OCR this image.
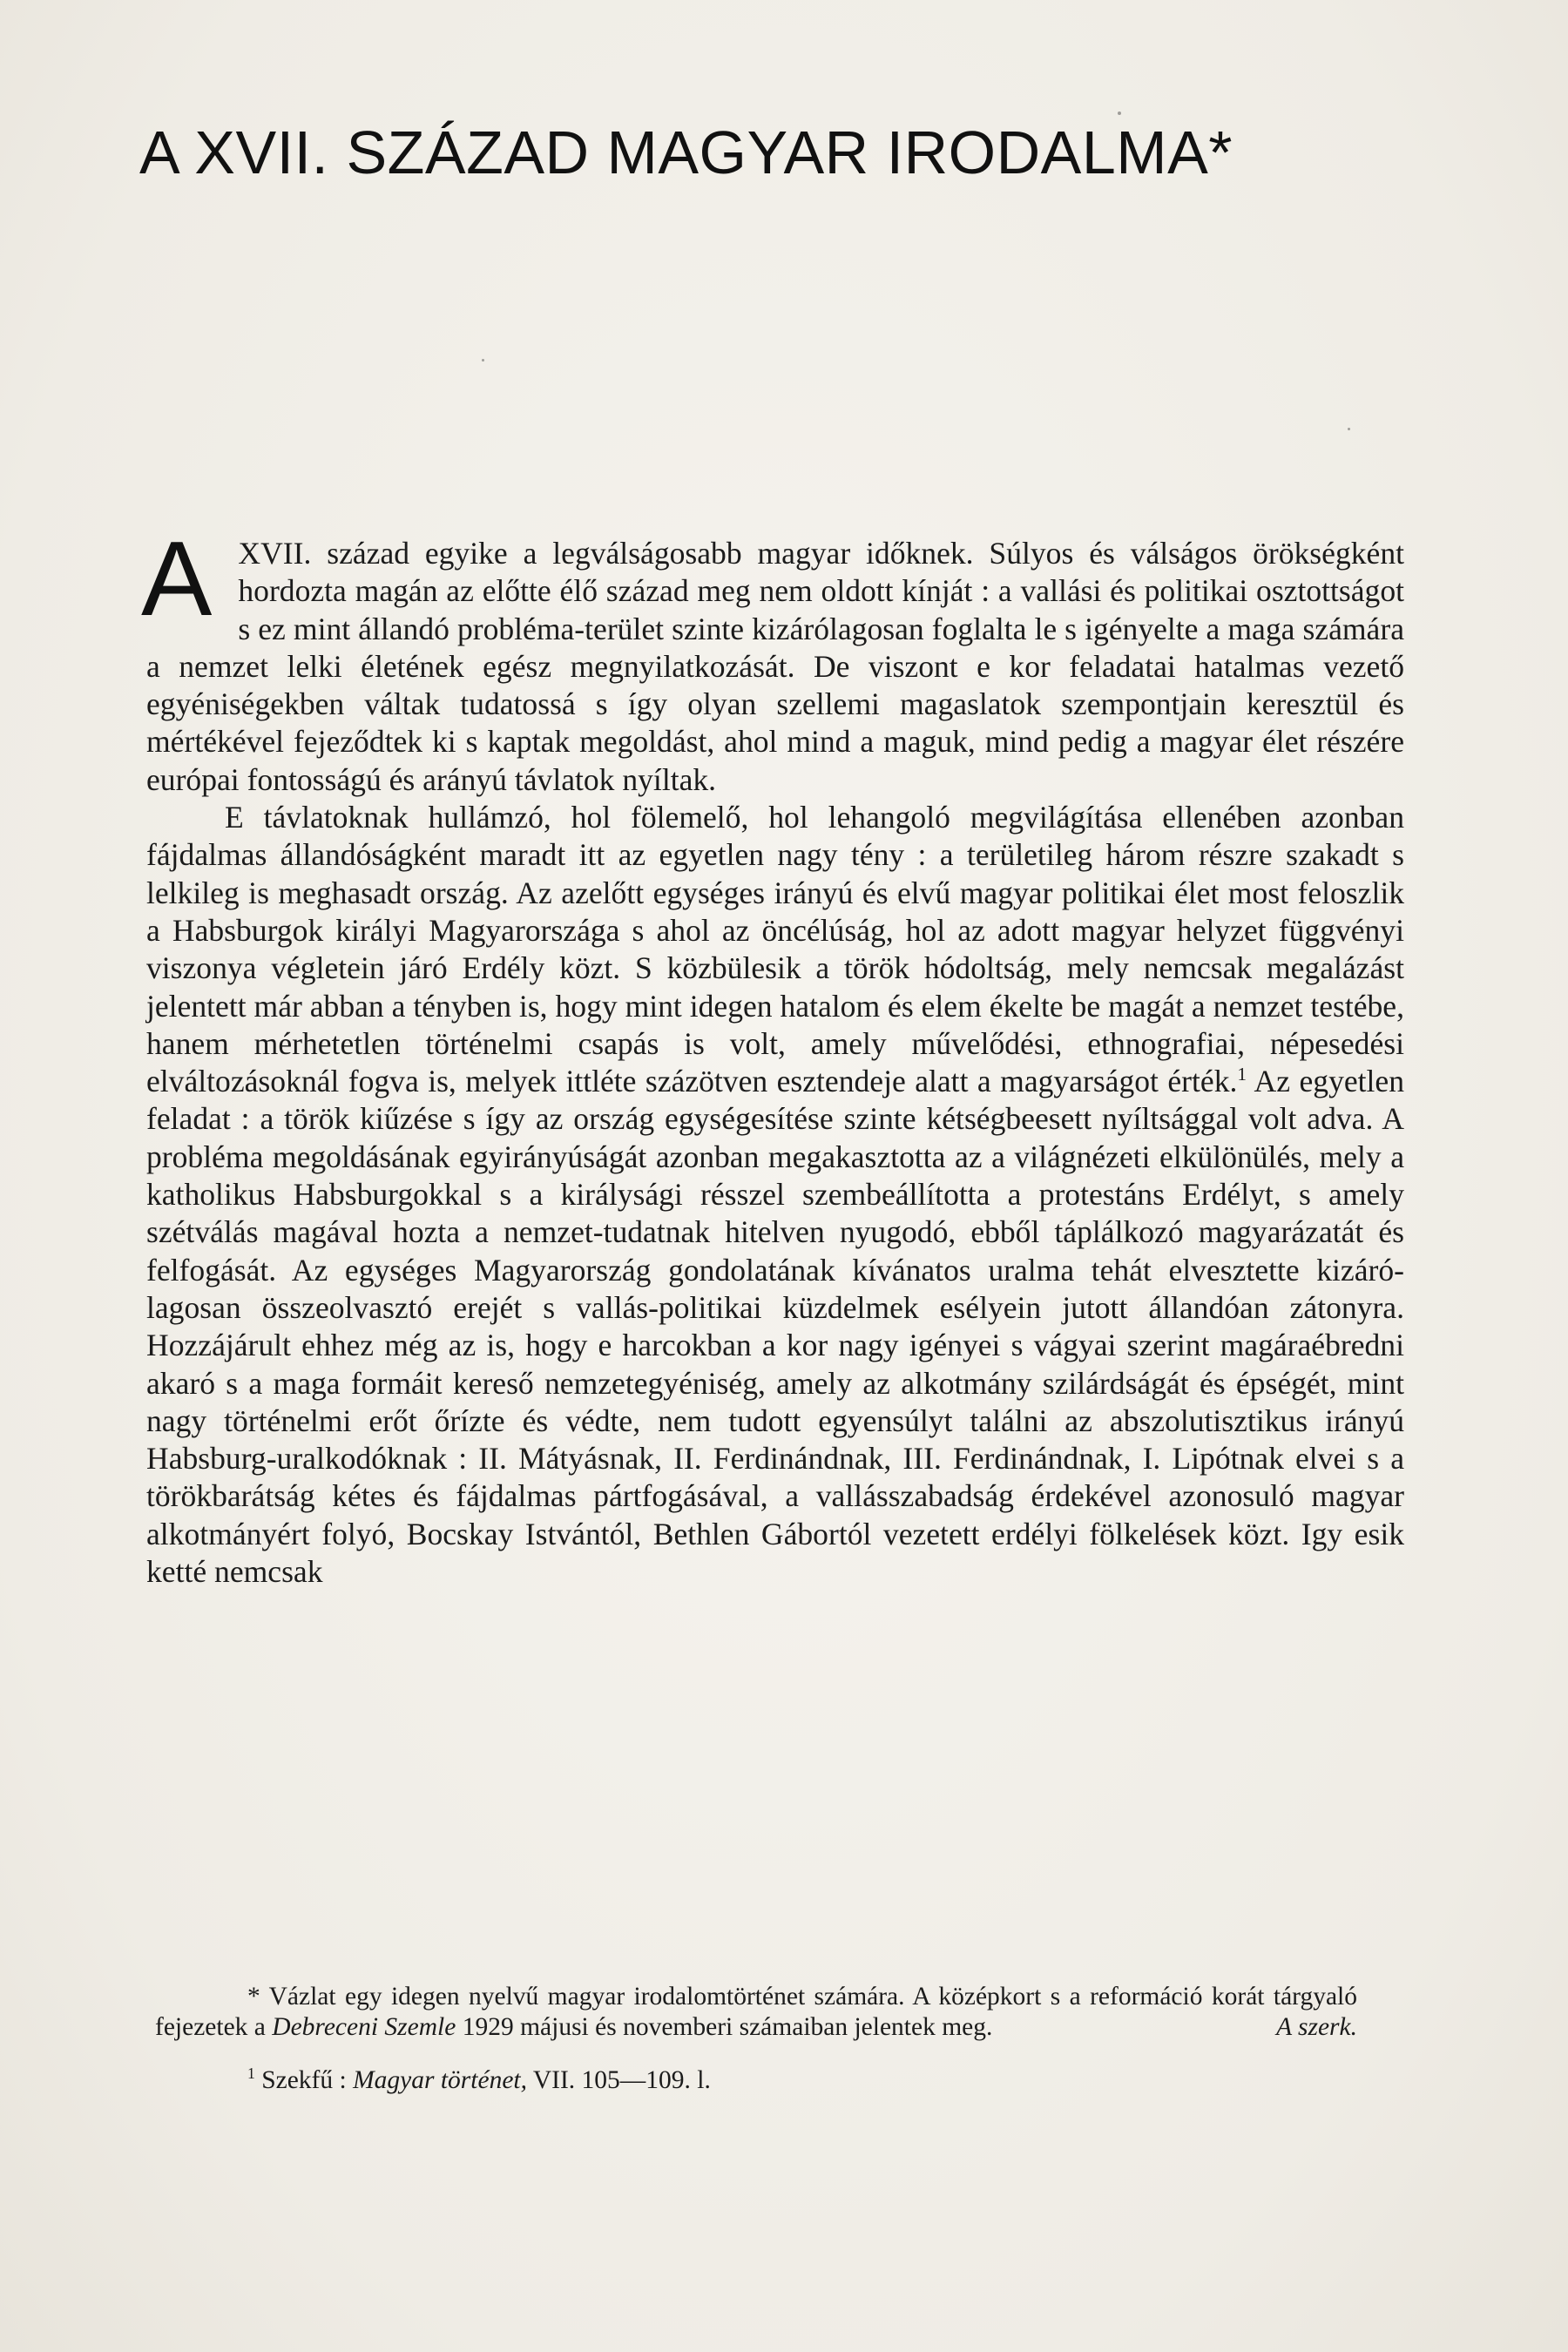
A XVII. SZÁZAD MAGYAR IRODALMA*

AXVII. század egyike a legválságosabb magyar időknek. Súlyos és válságos örökségként hordozta magán az előtte élő század meg nem oldott kínját : a vallási és politikai osztottságot s ez mint állandó probléma-terület szinte kizárólagosan foglalta le s igényelte a maga számára a nemzet lelki életének egész megnyilatkozását. De viszont e kor feladatai hatalmas vezető egyéniségekben váltak tudatossá s így olyan szellemi magaslatok szempontjain keresztül és mértékével fejeződtek ki s kaptak megoldást, ahol mind a maguk, mind pedig a magyar élet részére európai fontosságú és arányú távlatok nyíltak.

E távlatoknak hullámzó, hol fölemelő, hol lehangoló megvilágítása ellenében azonban fájdalmas állandóságként maradt itt az egyetlen nagy tény : a területileg három részre szakadt s lelkileg is meghasadt ország. Az azelőtt egységes irányú és elvű magyar politikai élet most feloszlik a Habsburgok királyi Magyarországa s ahol az öncélúság, hol az adott magyar helyzet függvényi viszonya végletein járó Erdély közt. S közbülesik a török hódoltság, mely nemcsak megalázást jelentett már abban a tényben is, hogy mint idegen hatalom és elem ékelte be magát a nemzet testébe, hanem mérhetetlen történelmi csapás is volt, amely művelődési, ethnografiai, népesedési elváltozásoknál fogva is, melyek ittléte százötven esztendeje alatt a magyarságot érték.$^1$ Az egyetlen feladat : a török kiűzése s így az ország egységesítése szinte kétségbeesett nyíltsággal volt adva. A probléma megoldásának egyirányúságát azonban megakasztotta az a világnézeti elkülönülés, mely a katholikus Habsburgokkal s a királysági résszel szembeállította a protestáns Erdélyt, s amely szétválás magával hozta a nemzet-tudatnak hitelven nyugodó, ebből táplálkozó magyarázatát és felfogását. Az egységes Magyarország gondolatának kívánatos uralma tehát elvesztette kizárólagosan összeolvasztó erejét s vallás-politikai küzdelmek esélyein jutott állandóan zátonyra. Hozzájárult ehhez még az is, hogy e harcokban a kor nagy igényei s vágyai szerint magáraébredni akaró s a maga formáit kereső nemzetegyéniség, amely az alkotmány szilárdságát és épségét, mint nagy történelmi erőt őrízte és védte, nem tudott egyensúlyt találni az abszolutisztikus irányú Habsburg-uralkodóknak : II. Mátyásnak, II. Ferdinándnak, III. Ferdinándnak, I. Lipótnak elvei s a törökbarátság kétes és fájdalmas pártfogásával, a vallásszabadság érdekével azonosuló magyar alkotmányért folyó, Bocskay Istvántól, Bethlen Gábortól vezetett erdélyi fölkelések közt. Igy esik ketté nemcsak

* Vázlat egy idegen nyelvű magyar irodalomtörténet számára. A középkort s a reformáció korát tárgyaló fejezetek a Debreceni Szemle 1929 májusi és novemberi számaiban jelentek meg.	A szerk.

$^1$ Szekfű : Magyar történet, VII. 105—109. l.
